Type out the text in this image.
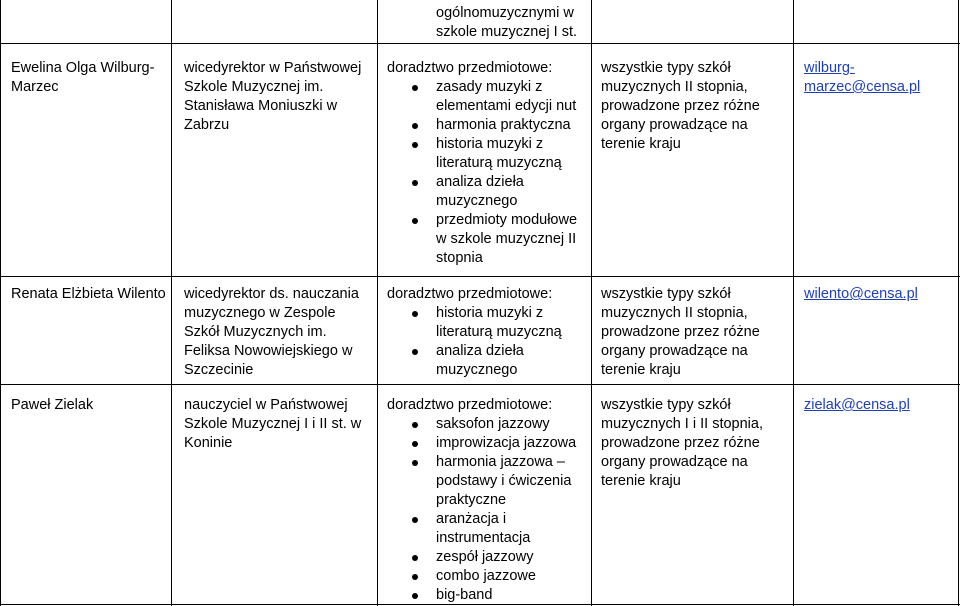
ogólnomuzycznymi w szkole muzycznej I st.
Ewelina Olga Wilburg-Marzec
wicedyrektor w Państwowej Szkole Muzycznej im. Stanisława Moniuszki w Zabrzu
doradztwo przedmiotowe:
zasady muzyki z elementami edycji nut
harmonia praktyczna
historia muzyki z literaturą muzyczną
analiza dzieła muzycznego
przedmioty modułowe w szkole muzycznej II stopnia
wszystkie typy szkół muzycznych II stopnia, prowadzone przez różne organy prowadzące na terenie kraju
wilburg-marzec@censa.pl
Renata Elżbieta Wilento	wicedyrektor ds. nauczania muzycznego w Zespole Szkół Muzycznych im. Feliksa Nowowiejskiego w Szczecinie
doradztwo przedmiotowe:
historia muzyki z literaturą muzyczną
analiza dzieła muzycznego
wszystkie typy szkół muzycznych II stopnia, prowadzone przez różne organy prowadzące na terenie kraju
wilento@censa.pl
Paweł Zielak	nauczyciel w Państwowej Szkole Muzycznej I i II st. w Koninie
doradztwo przedmiotowe:
saksofon jazzowy
improwizacja jazzowa
harmonia jazzowa – podstawy i ćwiczenia praktyczne
aranżacja i instrumentacja
zespół jazzowy
combo jazzowe
big-band
wszystkie typy szkół muzycznych I i II stopnia, prowadzone przez różne organy prowadzące na terenie kraju
zielak@censa.pl
